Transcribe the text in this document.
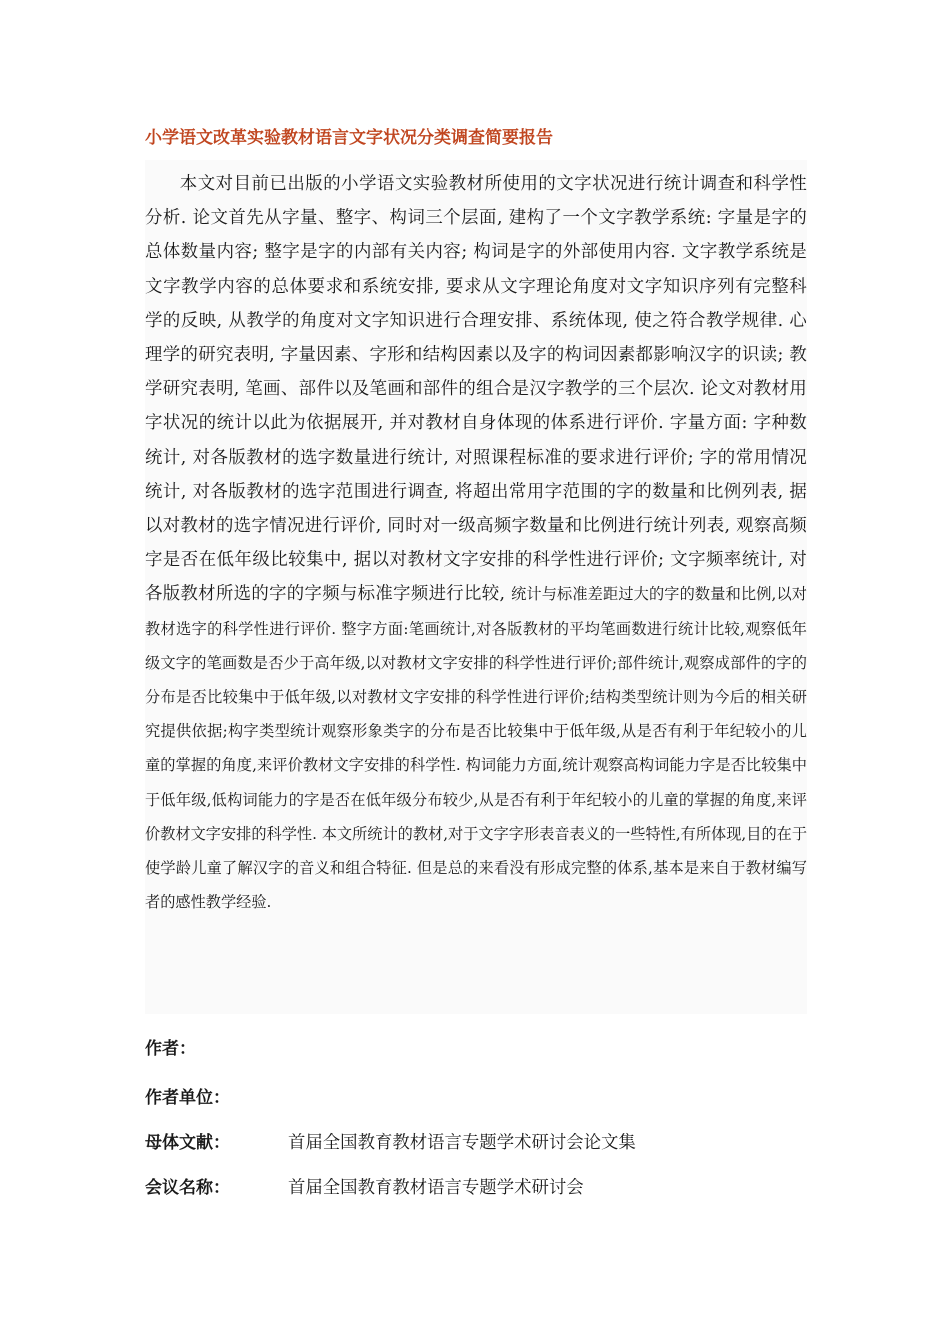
小学语文改革实验教材语言文字状况分类调查简要报告
本文对目前已出版的小学语文实验教材所使用的文字状况进行统计调查和科学性分析. 论文首先从字量、整字、构词三个层面, 建构了一个文字教学系统: 字量是字的总体数量内容; 整字是字的内部有关内容; 构词是字的外部使用内容. 文字教学系统是文字教学内容的总体要求和系统安排, 要求从文字理论角度对文字知识序列有完整科学的反映, 从教学的角度对文字知识进行合理安排、系统体现, 使之符合教学规律. 心理学的研究表明, 字量因素、字形和结构因素以及字的构词因素都影响汉字的识读; 教学研究表明, 笔画、部件以及笔画和部件的组合是汉字教学的三个层次. 论文对教材用字状况的统计以此为依据展开, 并对教材自身体现的体系进行评价. 字量方面: 字种数统计, 对各版教材的选字数量进行统计, 对照课程标准的要求进行评价; 字的常用情况统计, 对各版教材的选字范围进行调查, 将超出常用字范围的字的数量和比例列表, 据以对教材的选字情况进行评价, 同时对一级高频字数量和比例进行统计列表, 观察高频字是否在低年级比较集中, 据以对教材文字安排的科学性进行评价; 文字频率统计, 对各版教材所选的字的字频与标准字频进行比较, 统计与标准差距过大的字的数量和比例,以对教材选字的科学性进行评价. 整字方面:笔画统计,对各版教材的平均笔画数进行统计比较,观察低年级文字的笔画数是否少于高年级,以对教材文字安排的科学性进行评价;部件统计,观察成部件的字的分布是否比较集中于低年级,以对教材文字安排的科学性进行评价;结构类型统计则为今后的相关研究提供依据;构字类型统计观察形象类字的分布是否比较集中于低年级,从是否有利于年纪较小的儿童的掌握的角度,来评价教材文字安排的科学性. 构词能力方面,统计观察高构词能力字是否比较集中于低年级,低构词能力的字是否在低年级分布较少,从是否有利于年纪较小的儿童的掌握的角度,来评价教材文字安排的科学性. 本文所统计的教材,对于文字字形表音表义的一些特性,有所体现,目的在于使学龄儿童了解汉字的音义和组合特征. 但是总的来看没有形成完整的体系,基本是来自于教材编写者的感性教学经验.
作者：
作者单位：
母体文献：	首届全国教育教材语言专题学术研讨会论文集
会议名称：	首届全国教育教材语言专题学术研讨会
